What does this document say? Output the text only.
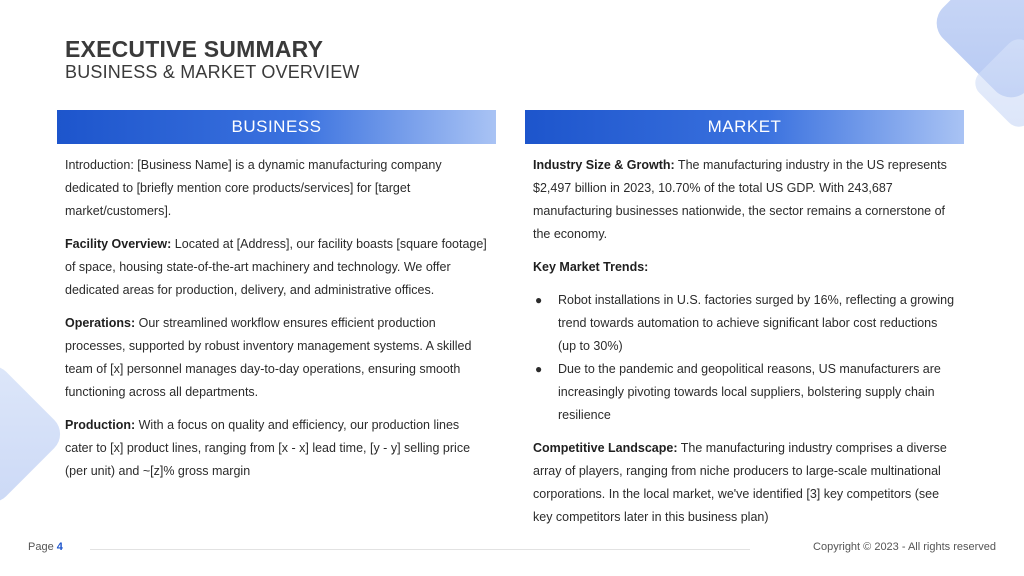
EXECUTIVE SUMMARY
BUSINESS & MARKET OVERVIEW
BUSINESS

Introduction: [Business Name] is a dynamic manufacturing company dedicated to [briefly mention core products/services] for [target market/customers].

Facility Overview: Located at [Address], our facility boasts [square footage] of space, housing state-of-the-art machinery and technology. We offer dedicated areas for production, delivery, and administrative offices.

Operations: Our streamlined workflow ensures efficient production processes, supported by robust inventory management systems. A skilled team of [x] personnel manages day-to-day operations, ensuring smooth functioning across all departments.

Production: With a focus on quality and efficiency, our production lines cater to [x] product lines, ranging from [x - x] lead time, [y - y] selling price (per unit) and ~[z]% gross margin

MARKET

Industry Size & Growth: The manufacturing industry in the US represents $2,497 billion in 2023, 10.70% of the total US GDP. With 243,687 manufacturing businesses nationwide, the sector remains a cornerstone of the economy.

Key Market Trends:

● Robot installations in U.S. factories surged by 16%, reflecting a growing trend towards automation to achieve significant labor cost reductions (up to 30%)
● Due to the pandemic and geopolitical reasons, US manufacturers are increasingly pivoting towards local suppliers, bolstering supply chain resilience

Competitive Landscape: The manufacturing industry comprises a diverse array of players, ranging from niche producers to large-scale multinational corporations. In the local market, we've identified [3] key competitors (see key competitors later in this business plan)

Page 4	Copyright © 2023 - All rights reserved
